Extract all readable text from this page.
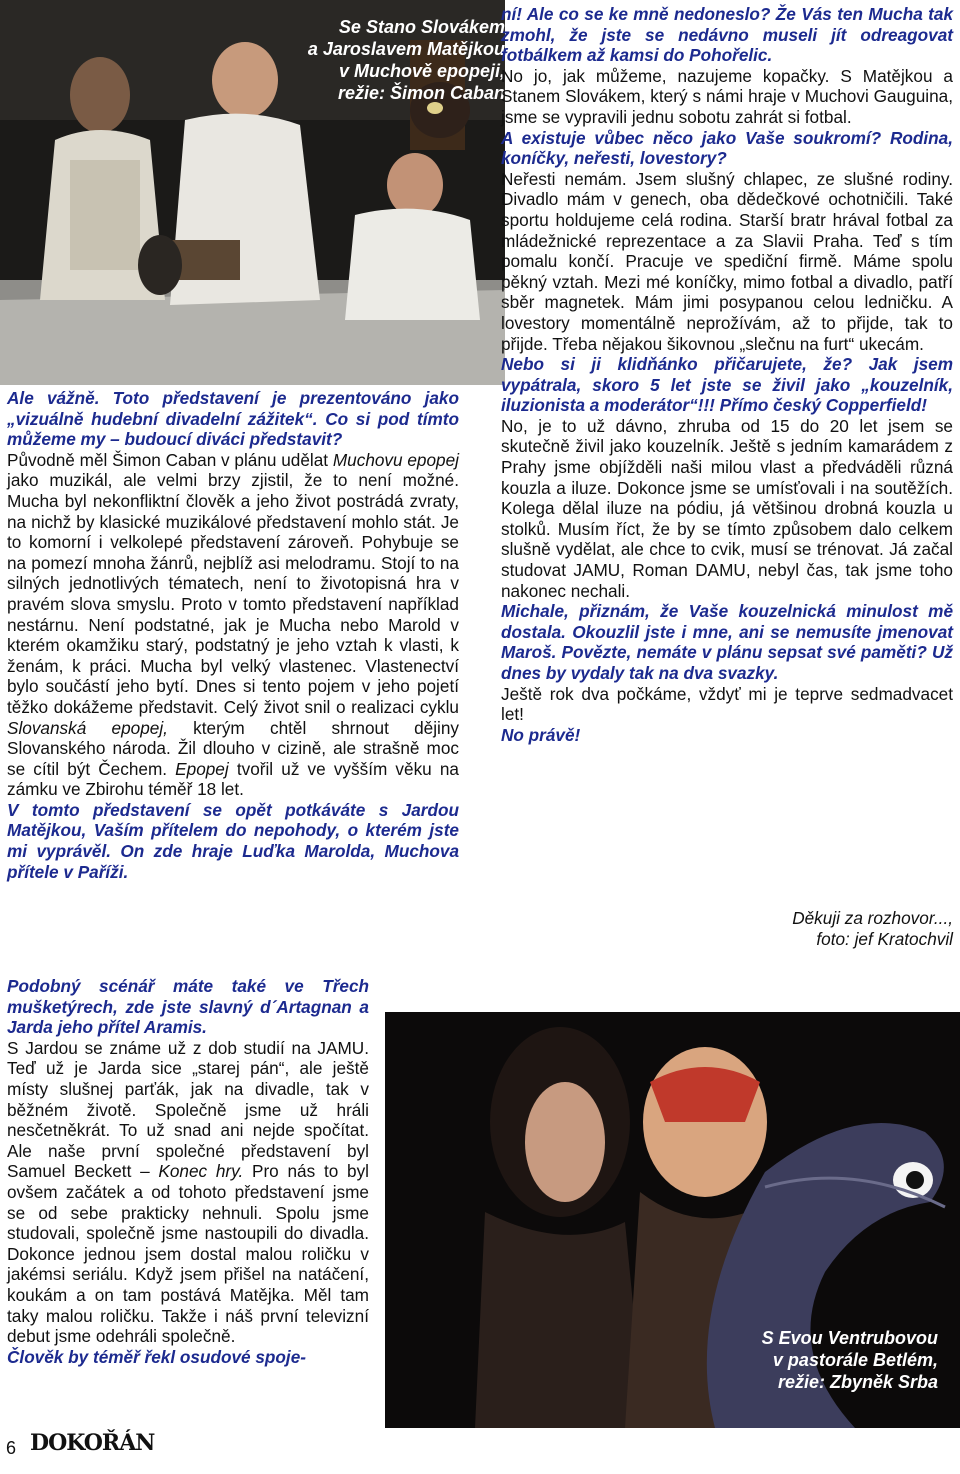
Se Stano Slovákem
a Jaroslavem Matějkou
v Muchově epopeji,
režie: Šimon Caban
S Evou Ventrubovou
v pastorále Betlém,
režie: Zbyněk Srba

Ale vážně. Toto představení je prezentováno jako „vizuálně hudební divadelní zážitek“. Co si pod tímto můžeme my – budoucí diváci představit?

Původně měl Šimon Caban v plánu udělat Muchovu epopej jako muzikál, ale velmi brzy zjistil, že to není možné. Mucha byl nekonfliktní člověk a jeho život postrádá zvraty, na nichž by klasické muzikálové představení mohlo stát. Je to komorní i velkolepé představení zároveň. Pohybuje se na pomezí mnoha žánrů, nejblíž asi melodramu. Stojí to na silných jednotlivých tématech, není to životopisná hra v pravém slova smyslu. Proto v tomto představení například nestárnu. Není podstatné, jak je Mucha nebo Marold v kterém okamžiku starý, podstatný je jeho vztah k vlasti, k ženám, k práci. Mucha byl velký vlastenec. Vlastenectví bylo součástí jeho bytí. Dnes si tento pojem v jeho pojetí těžko dokážeme představit. Celý život snil o realizaci cyklu Slovanská epopej, kterým chtěl shrnout dějiny Slovanského národa. Žil dlouho v cizině, ale strašně moc se cítil být Čechem. Epopej tvořil už ve vyšším věku na zámku ve Zbirohu téměř 18 let.

V tomto představení se opět potkáváte s Jardou Matějkou, Vaším přítelem do nepohody, o kterém jste mi vyprávěl. On zde hraje Luďka Marolda, Muchova přítele v Paříži.

Podobný scénář máte také ve Třech mušketýrech, zde jste slavný d´Artagnan a Jarda jeho přítel Aramis.

S Jardou se známe už z dob studií na JAMU. Teď už je Jarda sice „starej pán“, ale ještě místy slušnej parťák, jak na divadle, tak v běžném životě. Společně jsme už hráli nesčetněkrát. To už snad ani nejde spočítat. Ale naše první společné představení byl Samuel Beckett – Konec hry. Pro nás to byl ovšem začátek a od tohoto představení jsme se od sebe prakticky nehnuli. Spolu jsme studovali, společně jsme nastoupili do divadla. Dokonce jednou jsem dostal malou roličku v jakémsi seriálu. Když jsem přišel na natáčení, koukám a on tam postává Matějka. Měl tam taky malou roličku. Takže i náš první televizní debut jsme odehráli společně.

Člověk by téměř řekl osudové spoje-

ní! Ale co se ke mně nedoneslo? Že Vás ten Mucha tak zmohl, že jste se nedávno museli jít odreagovat fotbálkem až kamsi do Pohořelic.

No jo, jak můžeme, nazujeme kopačky. S Matějkou a Stanem Slovákem, který s námi hraje v Muchovi Gauguina, jsme se vypravili jednu sobotu zahrát si fotbal.

A existuje vůbec něco jako Vaše soukromí? Rodina, koníčky, neřesti, lovestory?

Neřesti nemám. Jsem slušný chlapec, ze slušné rodiny. Divadlo mám v genech, oba dědečkové ochotničili. Také sportu holdujeme celá rodina. Starší bratr hrával fotbal za mládežnické reprezentace a za Slavii Praha. Teď s tím pomalu končí. Pracuje ve spediční firmě. Máme spolu pěkný vztah. Mezi mé koníčky, mimo fotbal a divadlo, patří sběr magnetek. Mám jimi posypanou celou ledničku. A lovestory momentálně neprožívám, až to přijde, tak to přijde. Třeba nějakou šikovnou „slečnu na furt“ ukecám.

Nebo si ji klidňánko přičarujete, že? Jak jsem vypátrala, skoro 5 let jste se živil jako „kouzelník, iluzionista a moderátor“!!! Přímo český Copperfield!

No, je to už dávno, zhruba od 15 do 20 let jsem se skutečně živil jako kouzelník. Ještě s jedním kamarádem z Prahy jsme objížděli naši milou vlast a předváděli různá kouzla a iluze. Dokonce jsme se umísťovali i na soutěžích. Kolega dělal iluze na pódiu, já většinou drobná kouzla u stolků. Musím říct, že by se tímto způsobem dalo celkem slušně vydělat, ale chce to cvik, musí se trénovat. Já začal studovat JAMU, Roman DAMU, nebyl čas, tak jsme toho nakonec nechali.

Michale, přiznám, že Vaše kouzelnická minulost mě dostala. Okouzlil jste i mne, ani se nemusíte jmenovat Maroš. Povězte, nemáte v plánu sepsat své paměti? Už dnes by vydaly tak na dva svazky.

Ještě rok dva počkáme, vždyť mi je teprve sedmadvacet let!

No právě!

Děkuji za rozhovor...,

foto: jef Kratochvil

6 DOKOŘÁN
